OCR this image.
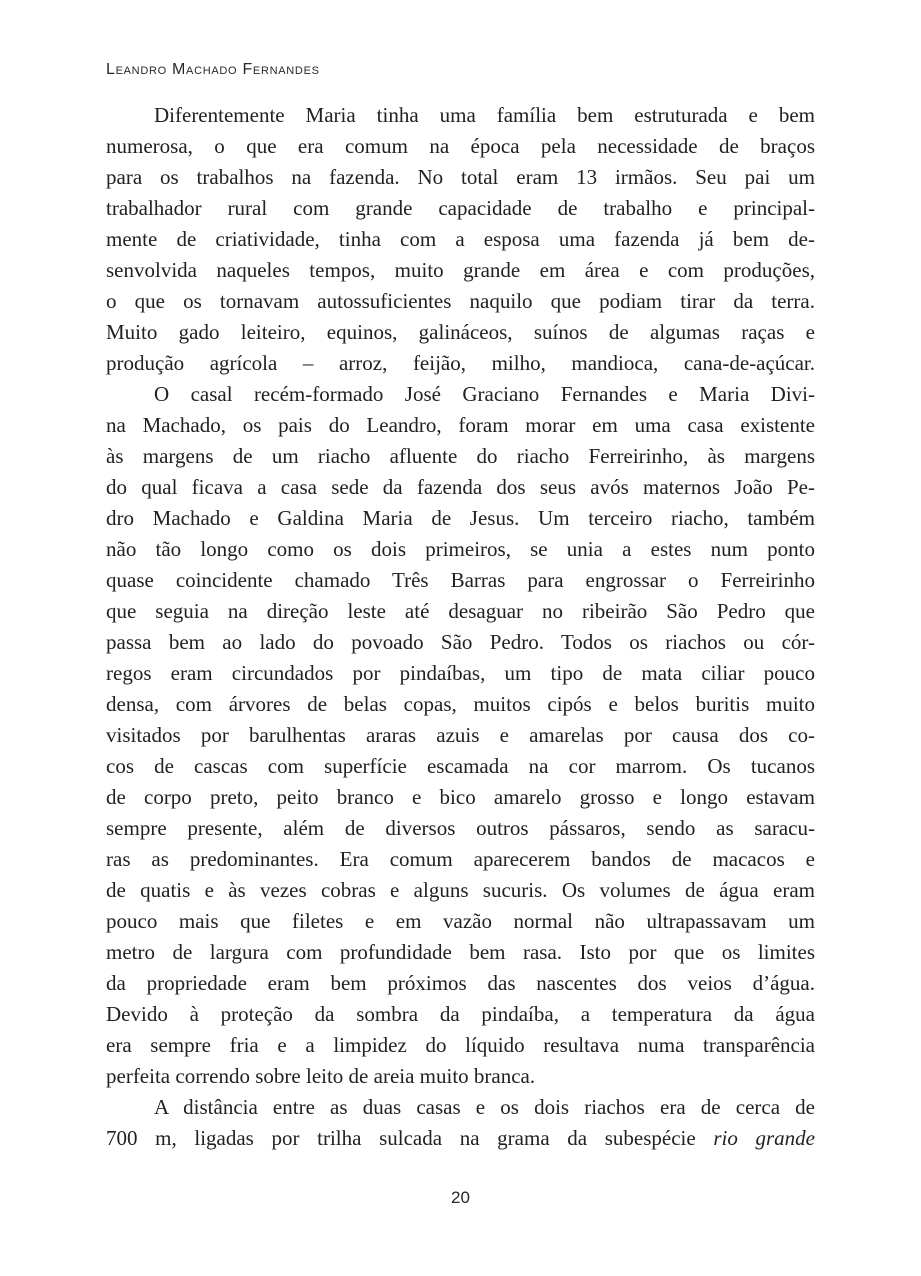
Leandro Machado Fernandes
Diferentemente Maria tinha uma família bem estruturada e bem
numerosa, o que era comum na época pela necessidade de braços
para os trabalhos na fazenda. No total eram 13 irmãos. Seu pai um
trabalhador rural com grande capacidade de trabalho e principal-
mente de criatividade, tinha com a esposa uma fazenda já bem de-
senvolvida naqueles tempos, muito grande em área e com produções,
o que os tornavam autossuficientes naquilo que podiam tirar da terra.
Muito gado leiteiro, equinos, galináceos, suínos de algumas raças e
produção agrícola – arroz, feijão, milho, mandioca, cana-de-açúcar.
O casal recém-formado José Graciano Fernandes e Maria Divi-
na Machado, os pais do Leandro, foram morar em uma casa existente
às margens de um riacho afluente do riacho Ferreirinho, às margens
do qual ficava a casa sede da fazenda dos seus avós maternos João Pe-
dro Machado e Galdina Maria de Jesus. Um terceiro riacho, também
não tão longo como os dois primeiros, se unia a estes num ponto
quase coincidente chamado Três Barras para engrossar o Ferreirinho
que seguia na direção leste até desaguar no ribeirão São Pedro que
passa bem ao lado do povoado São Pedro. Todos os riachos ou cór-
regos eram circundados por pindaíbas, um tipo de mata ciliar pouco
densa, com árvores de belas copas, muitos cipós e belos buritis muito
visitados por barulhentas araras azuis e amarelas por causa dos co-
cos de cascas com superfície escamada na cor marrom. Os tucanos
de corpo preto, peito branco e bico amarelo grosso e longo estavam
sempre presente, além de diversos outros pássaros, sendo as saracu-
ras as predominantes. Era comum aparecerem bandos de macacos e
de quatis e às vezes cobras e alguns sucuris. Os volumes de água eram
pouco mais que filetes e em vazão normal não ultrapassavam um
metro de largura com profundidade bem rasa. Isto por que os limites
da propriedade eram bem próximos das nascentes dos veios d’água.
Devido à proteção da sombra da pindaíba, a temperatura da água
era sempre fria e a limpidez do líquido resultava numa transparência
perfeita correndo sobre leito de areia muito branca.
A distância entre as duas casas e os dois riachos era de cerca de
700 m, ligadas por trilha sulcada na grama da subespécie rio grande
20
